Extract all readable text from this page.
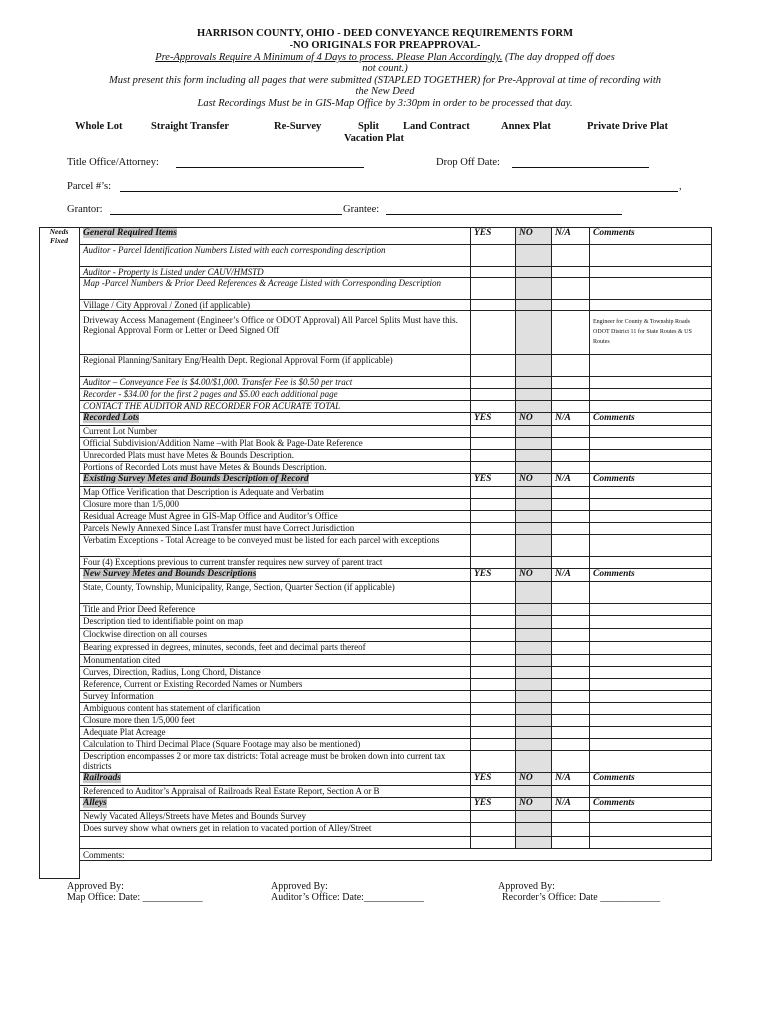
HARRISON COUNTY, OHIO - DEED CONVEYANCE REQUIREMENTS FORM
-NO ORIGINALS FOR PREAPPROVAL-
Pre-Approvals Require A Minimum of 4 Days to process. Please Plan Accordingly. (The day dropped off does
not count.)
Must present this form including all pages that were submitted (STAPLED TOGETHER) for Pre-Approval at time of recording with
the New Deed
Last Recordings Must be in GIS-Map Office by 3:30pm in order to be processed that day.
Whole Lot	Straight Transfer	Re-Survey	Split Land Contract	Annex Plat	Private Drive Plat
Vacation Plat
Title Office/Attorney:	Drop Off Date:
Parcel #’s:	,
Grantor:	Grantee:
Needs Fixed
General Required Items	YES	NO	N/A	Comments
Auditor - Parcel Identification Numbers Listed with each corresponding description				
Auditor - Property is Listed under CAUV/HMSTD				
Map -Parcel Numbers & Prior Deed References & Acreage Listed with Corresponding Description				
Village / City Approval / Zoned (if applicable)				
Driveway Access Management (Engineer’s Office or ODOT Approval) All Parcel Splits Must have this. Regional Approval Form or Letter or Deed Signed Off				Engineer for County & Township Roads ODOT District 11 for State Routes & US Routes
Regional Planning/Sanitary Eng/Health Dept. Regional Approval Form (if applicable)				
Auditor – Conveyance Fee is $4.00/$1,000. Transfer Fee is $0.50 per tract				
Recorder - $34.00 for the first 2 pages and $5.00 each additional page				
CONTACT THE AUDITOR AND RECORDER FOR ACURATE TOTAL				
Recorded Lots	YES	NO	N/A	Comments
Current Lot Number				
Official Subdivision/Addition Name –with Plat Book & Page-Date Reference				
Unrecorded Plats must have Metes & Bounds Description.				
Portions of Recorded Lots must have Metes & Bounds Description.				
Existing Survey Metes and Bounds Description of Record	YES	NO	N/A	Comments
Map Office Verification that Description is Adequate and Verbatim				
Closure more than 1/5,000				
Residual Acreage Must Agree in GIS-Map Office and Auditor’s Office				
Parcels Newly Annexed Since Last Transfer must have Correct Jurisdiction				
Verbatim Exceptions - Total Acreage to be conveyed must be listed for each parcel with exceptions				
Four (4) Exceptions previous to current transfer requires new survey of parent tract				
New Survey Metes and Bounds Descriptions	YES	NO	N/A	Comments
State, County, Township, Municipality, Range, Section, Quarter Section (if applicable)				
Title and Prior Deed Reference				
Description tied to identifiable point on map				
Clockwise direction on all courses				
Bearing expressed in degrees, minutes, seconds, feet and decimal parts thereof				
Monumentation cited				
Curves, Direction, Radius, Long Chord, Distance				
Reference, Current or Existing Recorded Names or Numbers				
Survey Information				
Ambiguous content has statement of clarification				
Closure more then 1/5,000 feet				
Adequate Plat Acreage				
Calculation to Third Decimal Place (Square Footage may also be mentioned)				
Description encompasses 2 or more tax districts: Total acreage must be broken down into current tax districts				
Railroads	YES	NO	N/A	Comments
Referenced to Auditor’s Appraisal of Railroads Real Estate Report, Section A or B				
Alleys	YES	NO	N/A	Comments
Newly Vacated Alleys/Streets have Metes and Bounds Survey				
Does survey show what owners get in relation to vacated portion of Alley/Street				

Comments:				
Approved By:
Map Office: Date: ____________
Approved By:
Auditor’s Office: Date:____________
Approved By:
Recorder’s Office: Date ____________
